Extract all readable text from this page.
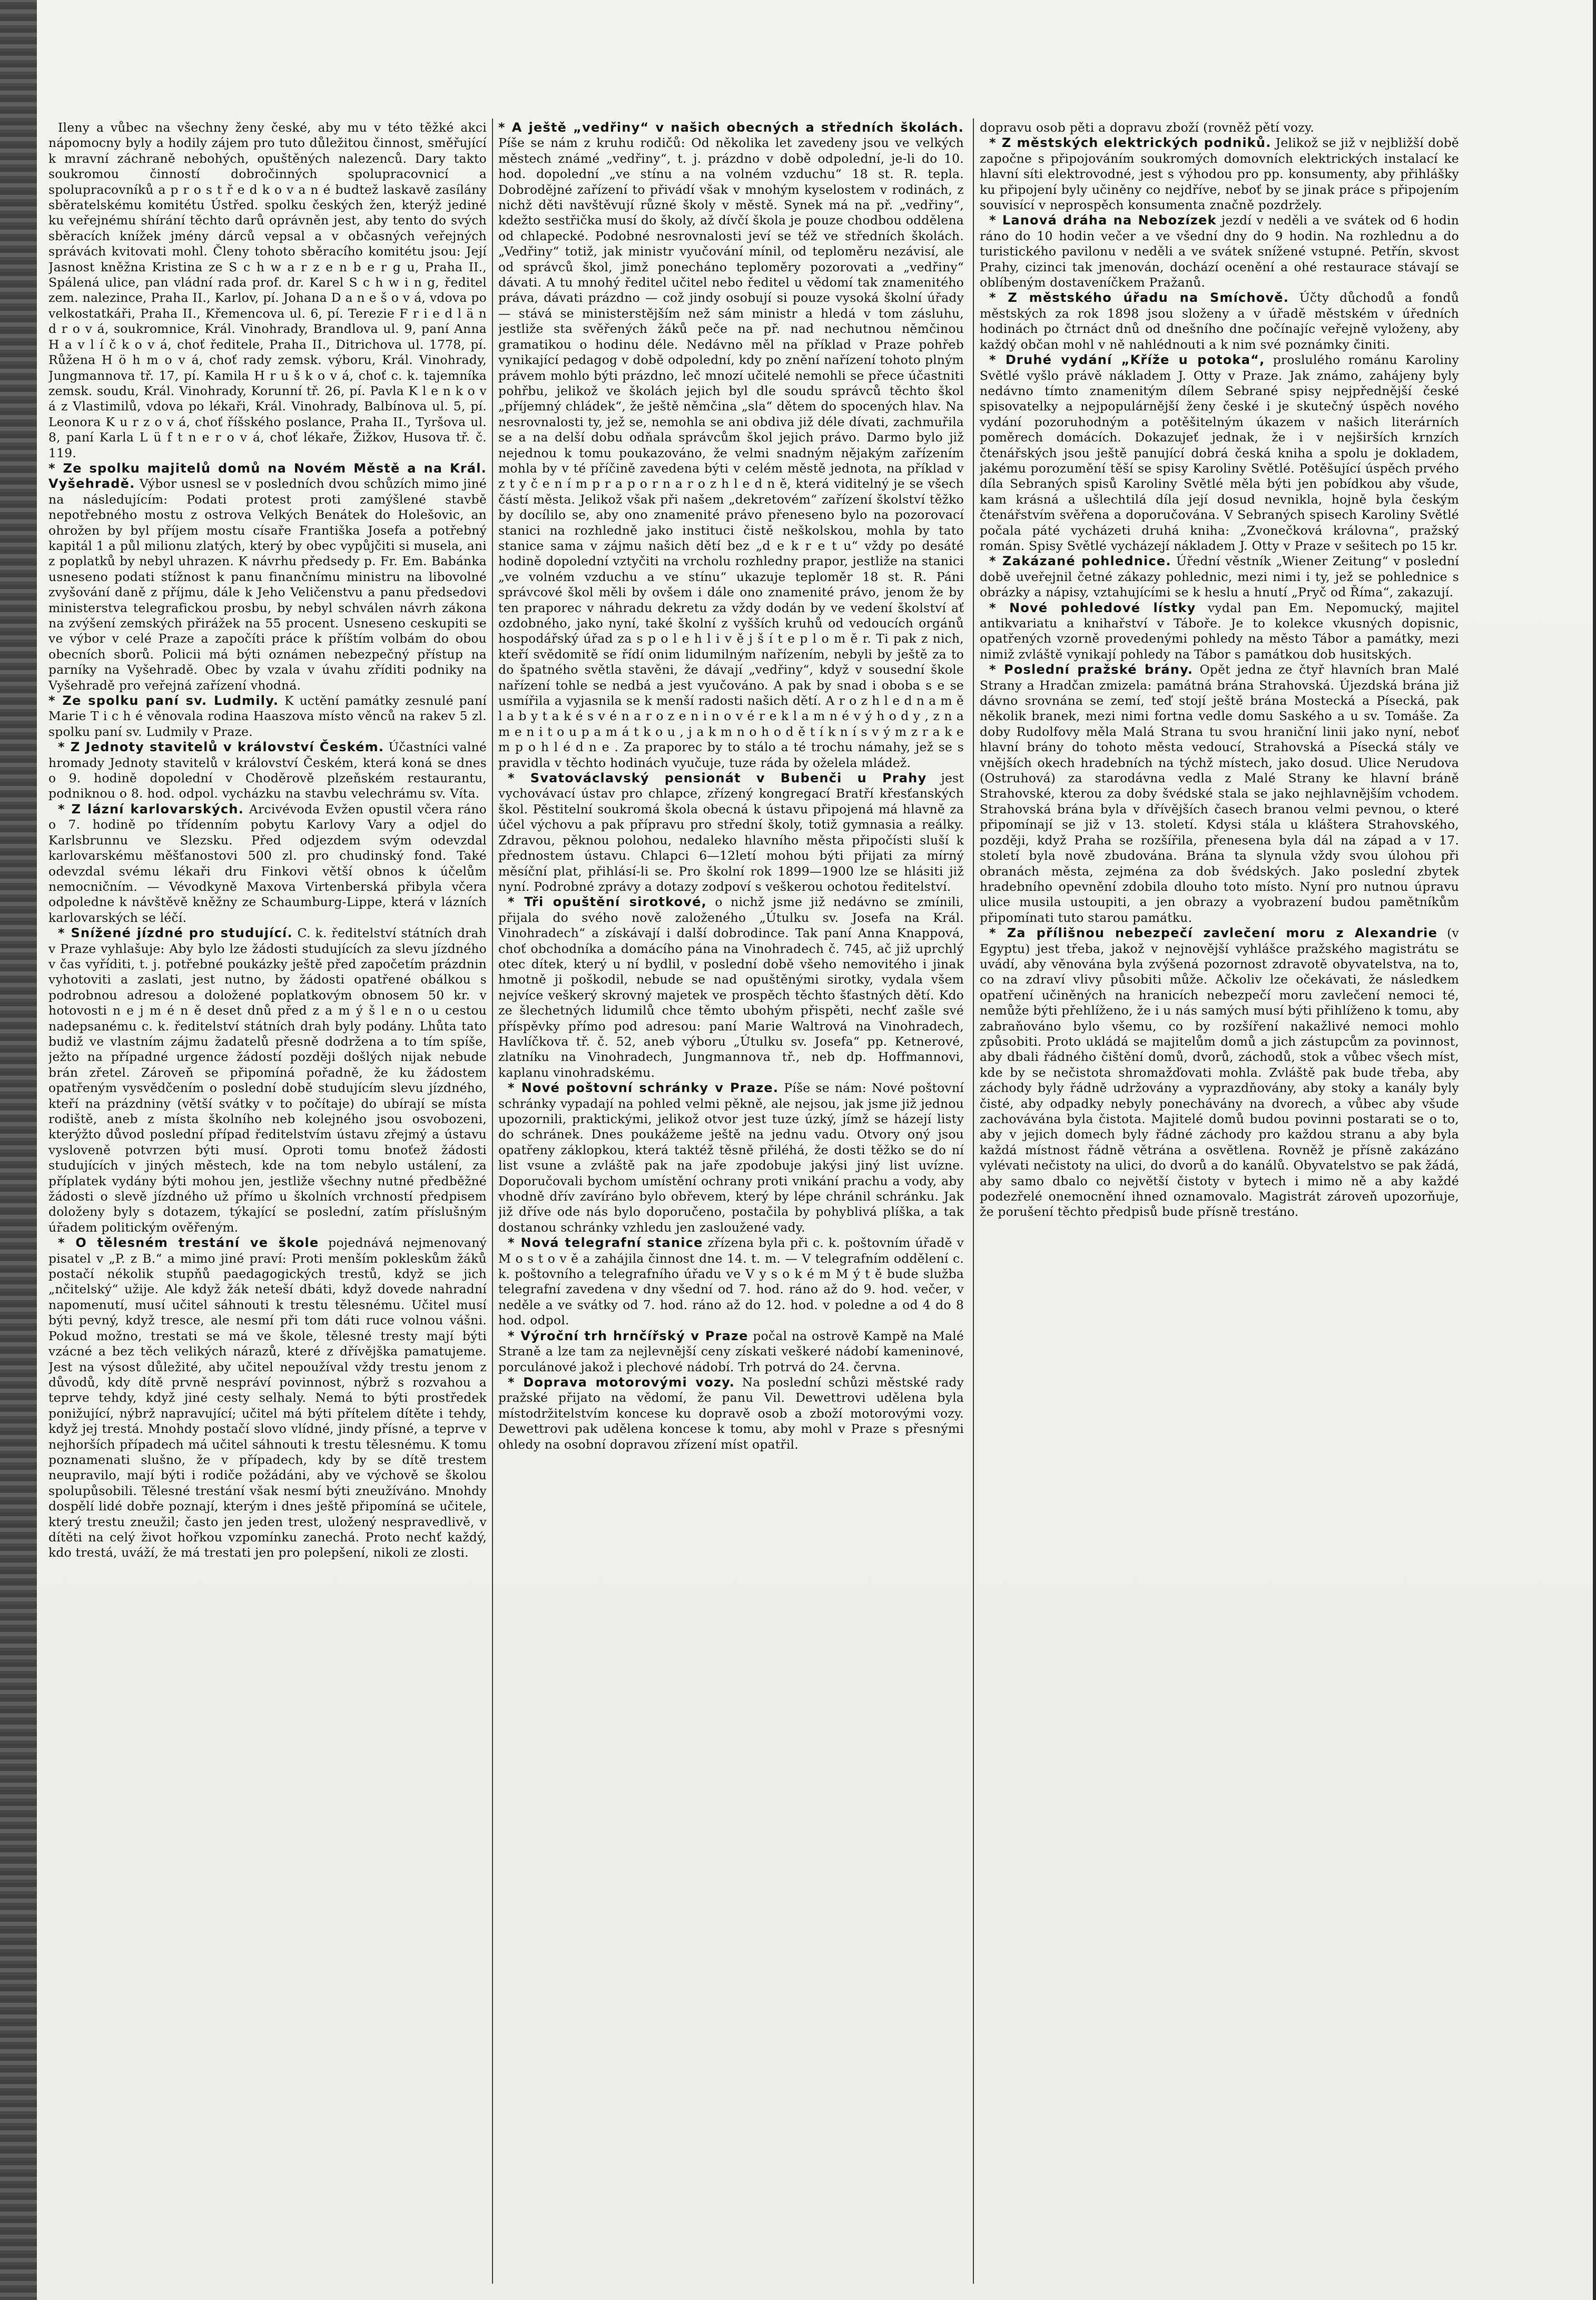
Ileny a vůbec na všechny ženy české, aby mu v této těžké akci nápomocny byly a hodily zájem pro tuto důležitou činnost, směřující k mravní záchraně nebohých, opuštěných nalezenců. Dary takto soukromou činností dobročinných spolupracovnicí a spolupracovníků a p r o s t ř e d k o v a n é budtež laskavě zasílány sběratelskému komitétu Ústřed. spolku českých žen, kterýž jediné ku veřejnému shírání těchto darů oprávněn jest, aby tento do svých sběracích knížek jmény dárců vepsal a v občasných veřejných správách kvitovati mohl. Členy tohoto sběracího komitétu jsou: Její Jasnost kněžna Kristina ze S c h w a r z e n b e r g u, Praha II., Spálená ulice, pan vládní rada prof. dr. Karel S c h w i n g, ředitel zem. nalezince, Praha II., Karlov, pí. Johana D a n e š o v á, vdova po velkostatkáři, Praha II., Křemencova ul. 6, pí. Terezie F r i e d l ä n d r o v á, soukromnice, Král. Vinohrady, Brandlova ul. 9, paní Anna H a v l í č k o v á, choť ředitele, Praha II., Ditrichova ul. 1778, pí. Růžena H ö h m o v á, choť rady zemsk. výboru, Král. Vinohrady, Jungmannova tř. 17, pí. Kamila H r u š k o v á, choť c. k. tajemníka zemsk. soudu, Král. Vinohrady, Korunní tř. 26, pí. Pavla K l e n k o v á z Vlastimilů, vdova po lékaři, Král. Vinohrady, Balbínova ul. 5, pí. Leonora K u r z o v á, choť říšského poslance, Praha II., Tyršova ul. 8, paní Karla L ü f t n e r o v á, choť lékaře, Žižkov, Husova tř. č. 119.

* Ze spolku majitelů domů na Novém Městě a na Král. Vyšehradě. Výbor usnesl se v posledních dvou schůzích mimo jiné na následujícím: Podati protest proti zamýšlené stavbě nepotřebného mostu z ostrova Velkých Benátek do Holešovic, an ohrožen by byl příjem mostu císaře Františka Josefa a potřebný kapitál 1 a půl milionu zlatých, který by obec vypůjčiti si musela, ani z poplatků by nebyl uhrazen. K návrhu předsedy p. Fr. Em. Babánka usneseno podati stížnost k panu finančnímu ministru na libovolné zvyšování daně z příjmu, dále k Jeho Veličenstvu a panu předsedovi ministerstva telegrafickou prosbu, by nebyl schválen návrh zákona na zvýšení zemských přirážek na 55 procent. Usneseno ceskupiti se ve výbor v celé Praze a započíti práce k příštím volbám do obou obecních sborů. Policii má býti oznámen nebezpečný přístup na parníky na Vyšehradě. Obec by vzala v úvahu zříditi podniky na Vyšehradě pro veřejná zařízení vhodná.

* Ze spolku paní sv. Ludmily. K uctění památky zesnulé paní Marie T i c h é věnovala rodina Haaszova místo věnců na rakev 5 zl. spolku paní sv. Ludmily v Praze.

* Z Jednoty stavitelů v království Českém. Účastníci valné hromady Jednoty stavitelů v království Českém, která koná se dnes o 9. hodině dopolední v Choděrově plzeňském restaurantu, podniknou o 8. hod. odpol. vycházku na stavbu velechrámu sv. Víta.

* Z lázní karlovarských. Arcivévoda Evžen opustil včera ráno o 7. hodině po třídenním pobytu Karlovy Vary a odjel do Karlsbrunnu ve Slezsku. Před odjezdem svým odevzdal karlovarskému měšťanostovi 500 zl. pro chudinský fond. Také odevzdal svému lékaři dru Finkovi větší obnos k účelům nemocničním. — Vévodkyně Maxova Virtenberská přibyla včera odpoledne k návštěvě kněžny ze Schaumburg-Lippe, která v lázních karlovarských se léčí.

* Snížené jízdné pro studující. C. k. ředitelství státních drah v Praze vyhlašuje: Aby bylo lze žádosti studujících za slevu jízdného v čas vyříditi, t. j. potřebné poukázky ještě před započetím prázdnin vyhotoviti a zaslati, jest nutno, by žádosti opatřené obálkou s podrobnou adresou a doložené poplatkovým obnosem 50 kr. v hotovosti n e j m é n ě deset dnů před z a m ý š l e n o u cestou nadepsanému c. k. ředitelství státních drah byly podány. Lhůta tato budiž ve vlastním zájmu žadatelů přesně dodržena a to tím spíše, ježto na případné urgence žádostí později došlých nijak nebude brán zřetel. Zároveň se připomíná pořadně, že ku žádostem opatřeným vysvědčením o poslední době studujícím slevu jízdného, kteří na prázdniny (větší svátky v to počítaje) do ubírají se místa rodiště, aneb z místa školního neb kolejného jsou osvobozeni, kterýžto důvod poslední případ ředitelstvím ústavu zřejmý a ústavu vysloveně potvrzen býti musí. Oproti tomu bnoťež žádosti studujících v jiných městech, kde na tom nebylo ustálení, za příplatek vydány býti mohou jen, jestliže všechny nutné předběžné žádosti o slevě jízdného už přímo u školních vrchností předpisem doloženy byly s dotazem, týkající se poslední, zatím příslušným úřadem politickým ověřeným.

* O tělesném trestání ve škole pojednává nejmenovaný pisatel v „P. z B.“ a mimo jiné praví: Proti menším pokleskům žáků postačí nékolik stupňů paedagogických trestů, když se jich „nčitelský“ užije. Ale když žák neteší dbáti, když dovede nahradní napomenutí, musí učitel sáhnouti k trestu tělesnému. Učitel musí býti pevný, když tresce, ale nesmí při tom dáti ruce volnou vášni. Pokud možno, trestati se má ve škole, tělesné tresty mají býti vzácné a bez těch velikých nárazů, které z dřívějška pamatujeme. Jest na výsost důležité, aby učitel nepoužíval vždy trestu jenom z důvodů, kdy dítě prvně nespráví povinnost, nýbrž s rozvahou a teprve tehdy, když jiné cesty selhaly. Nemá to býti prostředek ponižující, nýbrž napravující; učitel má býti přítelem dítěte i tehdy, když jej trestá. Mnohdy postačí slovo vlídné, jindy přísné, a teprve v nejhorších případech má učitel sáhnouti k trestu tělesnému. K tomu poznamenati slušno, že v případech, kdy by se dítě trestem neupravilo, mají býti i rodiče požádáni, aby ve výchově se školou spolupůsobili. Tělesné trestání však nesmí býti zneužíváno. Mnohdy dospělí lidé dobře poznají, kterým i dnes ještě připomíná se učitele, který trestu zneužil; často jen jeden trest, uložený nespravedlivě, v dítěti na celý život hořkou vzpomínku zanechá. Proto nechť každý, kdo trestá, uváží, že má trestati jen pro polepšení, nikoli ze zlosti.

* A ještě „vedřiny“ v našich obecných a středních školách. Píše se nám z kruhu rodičů: Od několika let zavedeny jsou ve velkých městech známé „vedřiny“, t. j. prázdno v době odpolední, je-li do 10. hod. dopolední „ve stínu a na volném vzduchu“ 18 st. R. tepla. Dobrodějné zařízení to přivádí však v mnohým kyselostem v rodinách, z nichž děti navštěvují různé školy v městě. Synek má na př. „vedřiny“, kdežto sestřička musí do školy, až dívčí škola je pouze chodbou oddělena od chlapecké. Podobné nesrovnalosti jeví se též ve středních školách. „Vedřiny“ totiž, jak ministr vyučování mínil, od teploměru nezávisí, ale od správců škol, jimž ponecháno teploměry pozorovati a „vedřiny“ dávati. A tu mnohý ředitel učitel nebo ředitel u vědomí tak znamenitého práva, dávati prázdno — což jindy osobují si pouze vysoká školní úřady — stává se ministerstějším než sám ministr a hledá v tom zásluhu, jestliže sta svěřených žáků peče na př. nad nechutnou němčinou gramatikou o hodinu déle. Nedávno měl na příklad v Praze pohřeb vynikající pedagog v době odpolední, kdy po znění nařízení tohoto plným právem mohlo býti prázdno, leč mnozí učitelé nemohli se přece účastniti pohřbu, jelikož ve školách jejich byl dle soudu správců těchto škol „příjemný chládek“, že ještě němčina „sla“ dětem do spocených hlav. Na nesrovnalosti ty, jež se, nemohla se ani obdiva již déle dívati, zachmuřila se a na delší dobu odňala správcům škol jejich právo. Darmo bylo již nejednou k tomu poukazováno, že velmi snadným nějakým zařízením mohla by v té příčině zavedena býti v celém městě jednota, na příklad v z t y č e n í m p r a p o r n a r o z h l e d n ě, která viditelný je se všech částí města. Jelikož však při našem „dekretovém“ zařízení školství těžko by docílilo se, aby ono znamenité právo přeneseno bylo na pozorovací stanici na rozhledně jako instituci čistě neškolskou, mohla by tato stanice sama v zájmu našich dětí bez „d e k r e t u“ vždy po desáté hodině dopolední vztyčiti na vrcholu rozhledny prapor, jestliže na stanici „ve volném vzduchu a ve stínu“ ukazuje teploměr 18 st. R. Páni správcové škol měli by ovšem i dále ono znamenité právo, jenom že by ten praporec v náhradu dekretu za vždy dodán by ve vedení školství ať ozdobného, jako nyní, také školní z vyšších kruhů od vedoucích orgánů hospodářský úřad za s p o l e h l i v ě j š í t e p l o m ě r. Ti pak z nich, kteří svědomitě se řídí onim lidumilným nařízením, nebyli by ještě za to do špatného světla stavěni, že dávají „vedřiny“, když v sousední škole nařízení tohle se nedbá a jest vyučováno. A pak by snad i oboba s e se usmířila a vyjasnila se k menší radosti našich dětí. A r o z h l e d n a m ě l a b y t a k é s v é n a r o z e n i n o v é r e k l a m n é v ý h o d y , z n a m e n i t o u p a m á t k o u , j a k m n o h o d ě t í k n í s v ý m z r a k e m p o h l é d n e . Za praporec by to stálo a té trochu námahy, jež se s pravidla v těchto hodinách vyučuje, tuze ráda by oželela mládež.

* Svatováclavský pensionát v Bubenči u Prahy jest vychovávací ústav pro chlapce, zřízený kongregací Bratří křesťanských škol. Pěstitelní soukromá škola obecná k ústavu připojená má hlavně za účel výchovu a pak přípravu pro střední školy, totiž gymnasia a reálky. Zdravou, pěknou polohou, nedaleko hlavního města připočísti sluší k přednostem ústavu. Chlapci 6—12letí mohou býti přijati za mírný měsíční plat, přihlásí-li se. Pro školní rok 1899—1900 lze se hlásiti již nyní. Podrobné zprávy a dotazy zodpoví s veškerou ochotou ředitelství.

* Tři opuštění sirotkové, o nichž jsme již nedávno se zmínili, přijala do svého nově založeného „Útulku sv. Josefa na Král. Vinohradech“ a získávají i další dobrodince. Tak paní Anna Knappová, choť obchodníka a domácího pána na Vinohradech č. 745, ač již uprchlý otec dítek, který u ní bydlil, v poslední době všeho nemovitého i jinak hmotně ji poškodil, nebude se nad opuštěnými sirotky, vydala všem nejvíce veškerý skrovný majetek ve prospěch těchto šťastných dětí. Kdo ze šlechetných lidumilů chce těmto ubohým přispěti, nechť zašle své příspěvky přímo pod adresou: paní Marie Waltrová na Vinohradech, Havlíčkova tř. č. 52, aneb výboru „Útulku sv. Josefa“ pp. Ketnerové, zlatníku na Vinohradech, Jungmannova tř., neb dp. Hoffmannovi, kaplanu vinohradskému.

* Nové poštovní schránky v Praze. Píše se nám: Nové poštovní schránky vypadají na pohled velmi pěkně, ale nejsou, jak jsme již jednou upozornili, praktickými, jelikož otvor jest tuze úzký, jímž se házejí listy do schránek. Dnes poukážeme ještě na jednu vadu. Otvory oný jsou opatřeny záklopkou, která taktéž těsně přiléhá, že dosti těžko se do ní list vsune a zvláště pak na jaře zpodobuje jakýsi jiný list uvízne. Doporučovali bychom umístění ochrany proti vnikání prachu a vody, aby vhodně dřív zavíráno bylo obřevem, který by lépe chránil schránku. Jak již dříve ode nás bylo doporučeno, postačila by pohyblivá plíška, a tak dostanou schránky vzhledu jen zasloužené vady.

* Nová telegrafní stanice zřízena byla při c. k. poštovním úřadě v M o s t o v ě a zahájila činnost dne 14. t. m. — V telegrafním oddělení c. k. poštovního a telegrafního úřadu ve V y s o k é m M ý t ě bude služba telegrafní zavedena v dny všední od 7. hod. ráno až do 9. hod. večer, v neděle a ve svátky od 7. hod. ráno až do 12. hod. v poledne a od 4 do 8 hod. odpol.

* Výroční trh hrnčířský v Praze počal na ostrově Kampě na Malé Straně a lze tam za nejlevnější ceny získati veškeré nádobí kameninové, porculánové jakož i plechové nádobí. Trh potrvá do 24. června.

* Doprava motorovými vozy. Na poslední schůzi městské rady pražské přijato na vědomí, že panu Vil. Dewettrovi udělena byla místodržitelstvím koncese ku dopravě osob a zboží motorovými vozy. Dewettrovi pak udělena koncese k tomu, aby mohl v Praze s přesnými ohledy na osobní dopravou zřízení míst opatřil.

dopravu osob pěti a dopravu zboží (rovněž pětí vozy.

* Z městských elektrických podniků. Jelikož se již v nejbližší době započne s připojováním soukromých domovních elektrických instalací ke hlavní síti elektrovodné, jest s výhodou pro pp. konsumenty, aby přihlášky ku připojení byly učiněny co nejdříve, neboť by se jinak práce s připojením souvisící v neprospěch konsumenta značně pozdržely.

* Lanová dráha na Nebozízek jezdí v neděli a ve svátek od 6 hodin ráno do 10 hodin večer a ve všední dny do 9 hodin. Na rozhlednu a do turistického pavilonu v neděli a ve svátek snížené vstupné. Petřín, skvost Prahy, cizinci tak jmenován, dochází ocenění a ohé restaurace stávají se oblíbeným dostaveníčkem Pražanů.

* Z městského úřadu na Smíchově. Účty důchodů a fondů městských za rok 1898 jsou složeny a v úřadě městském v úředních hodinách po čtrnáct dnů od dnešního dne počínajíc veřejně vyloženy, aby každý občan mohl v ně nahlédnouti a k nim své poznámky činiti.

* Druhé vydání „Kříže u potoka“, proslulého románu Karoliny Světlé vyšlo právě nákladem J. Otty v Praze. Jak známo, zahájeny byly nedávno tímto znamenitým dílem Sebrané spisy nejpřednější české spisovatelky a nejpopulárnější ženy české i je skutečný úspěch nového vydání pozoruhodným a potěšitelným úkazem v našich literárních poměrech domácích. Dokazujeť jednak, že i v nejširších krnzích čtenářských jsou ještě panující dobrá česká kniha a spolu je dokladem, jakému porozumění těší se spisy Karoliny Světlé. Potěšující úspěch prvého díla Sebraných spisů Karoliny Světlé měla býti jen pobídkou aby všude, kam krásná a ušlechtilá díla její dosud nevnikla, hojně byla českým čtenářstvím svěřena a doporučována. V Sebraných spisech Karoliny Světlé počala páté vycházeti druhá kniha: „Zvonečková královna“, pražský román. Spisy Světlé vycházejí nákladem J. Otty v Praze v sešitech po 15 kr.

* Zakázané pohlednice. Úřední věstník „Wiener Zeitung“ v poslední době uveřejnil četné zákazy pohlednic, mezi nimi i ty, jež se pohlednice s obrázky a nápisy, vztahujícími se k heslu a hnutí „Pryč od Říma“, zakazují.

* Nové pohledové lístky vydal pan Em. Nepomucký, majitel antikvariatu a knihařství v Táboře. Je to kolekce vkusných dopisnic, opatřených vzorně provedenými pohledy na město Tábor a památky, mezi nimiž zvláště vynikají pohledy na Tábor s památkou dob husitských.

* Poslední pražské brány. Opět jedna ze čtyř hlavních bran Malé Strany a Hradčan zmizela: památná brána Strahovská. Újezdská brána již dávno srovnána se zemí, teď stojí ještě brána Mostecká a Písecká, pak několik branek, mezi nimi fortna vedle domu Saského a u sv. Tomáše. Za doby Rudolfovy měla Malá Strana tu svou hraniční linii jako nyní, neboť hlavní brány do tohoto města vedoucí, Strahovská a Písecká stály ve vnějších okech hradebních na týchž místech, jako dosud. Ulice Nerudova (Ostruhová) za starodávna vedla z Malé Strany ke hlavní bráně Strahovské, kterou za doby švédské stala se jako nejhlavnějším vchodem. Strahovská brána byla v dřívějších časech branou velmi pevnou, o které připomínají se již v 13. století. Kdysi stála u kláštera Strahovského, později, když Praha se rozšířila, přenesena byla dál na západ a v 17. století byla nově zbudována. Brána ta slynula vždy svou úlohou při obranách města, zejména za dob švédských. Jako poslední zbytek hradebního opevnění zdobila dlouho toto místo. Nyní pro nutnou úpravu ulice musila ustoupiti, a jen obrazy a vyobrazení budou pamětníkům připomínati tuto starou památku.

* Za přílišnou nebezpečí zavlečení moru z Alexandrie (v Egyptu) jest třeba, jakož v nejnovější vyhlášce pražského magistrátu se uvádí, aby věnována byla zvýšená pozornost zdravotě obyvatelstva, na to, co na zdraví vlivy působiti může. Ačkoliv lze očekávati, že následkem opatření učiněných na hranicích nebezpečí moru zavlečení nemoci té, nemůže býti přehlíženo, že i u nás samých musí býti přihlíženo k tomu, aby zabraňováno bylo všemu, co by rozšíření nakažlivé nemoci mohlo způsobiti. Proto ukládá se majitelům domů a jich zástupcům za povinnost, aby dbali řádného čištění domů, dvorů, záchodů, stok a vůbec všech míst, kde by se nečistota shromažďovati mohla. Zvláště pak bude třeba, aby záchody byly řádně udržovány a vyprazdňovány, aby stoky a kanály byly čisté, aby odpadky nebyly ponechávány na dvorech, a vůbec aby všude zachovávána byla čistota. Majitelé domů budou povinni postarati se o to, aby v jejich domech byly řádné záchody pro každou stranu a aby byla každá místnost řádně větrána a osvětlena. Rovněž je přísně zakázáno vylévati nečistoty na ulici, do dvorů a do kanálů. Obyvatelstvo se pak žádá, aby samo dbalo co největší čistoty v bytech i mimo ně a aby každé podezřelé onemocnění ihned oznamovalo. Magistrát zároveň upozorňuje, že porušení těchto předpisů bude přísně trestáno.
